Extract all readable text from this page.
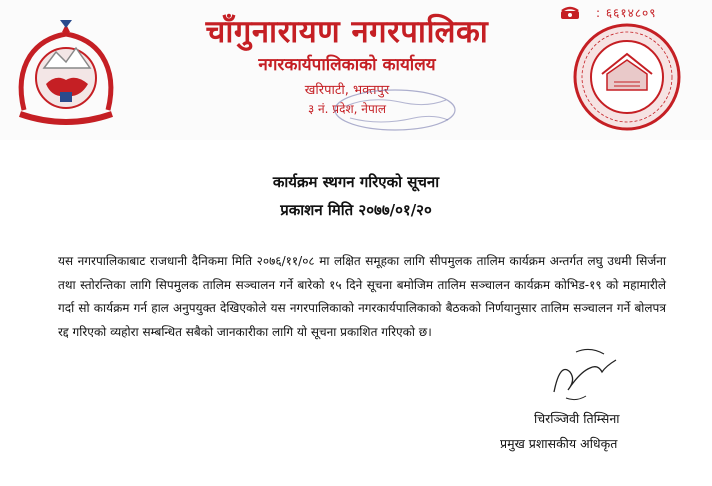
चाँगुनारायण नगरपालिका
नगरकार्यपालिकाको कार्यालय
खरिपाटी, भक्तपुर
३ नं. प्रदेश, नेपाल
: ६६१४८०९
कार्यक्रम स्थगन गरिएको सूचना
प्रकाशन मिति २०७७/०१/२०
यस नगरपालिकाबाट राजधानी दैनिकमा मिति २०७६/११/०८ मा लक्षित समूहका लागि सीपमुलक तालिम कार्यक्रम अन्तर्गत लघु उधमी सिर्जना तथा स्तोरन्तिका लागि सिपमुलक तालिम सञ्चालन गर्ने बारेको १५ दिने सूचना बमोजिम तालिम सञ्चालन कार्यक्रम कोभिड-१९ को महामारीले गर्दा सो कार्यक्रम गर्न हाल अनुपयुक्त देखिएकोले यस नगरपालिकाको नगरकार्यपालिकाको बैठकको निर्णयानुसार तालिम सञ्चालन गर्ने बोलपत्र रद्द गरिएको व्यहोरा सम्बन्धित सबैको जानकारीका लागि यो सूचना प्रकाशित गरिएको छ।
चिरञ्जिवी तिम्सिना
प्रमुख प्रशासकीय अधिकृत
